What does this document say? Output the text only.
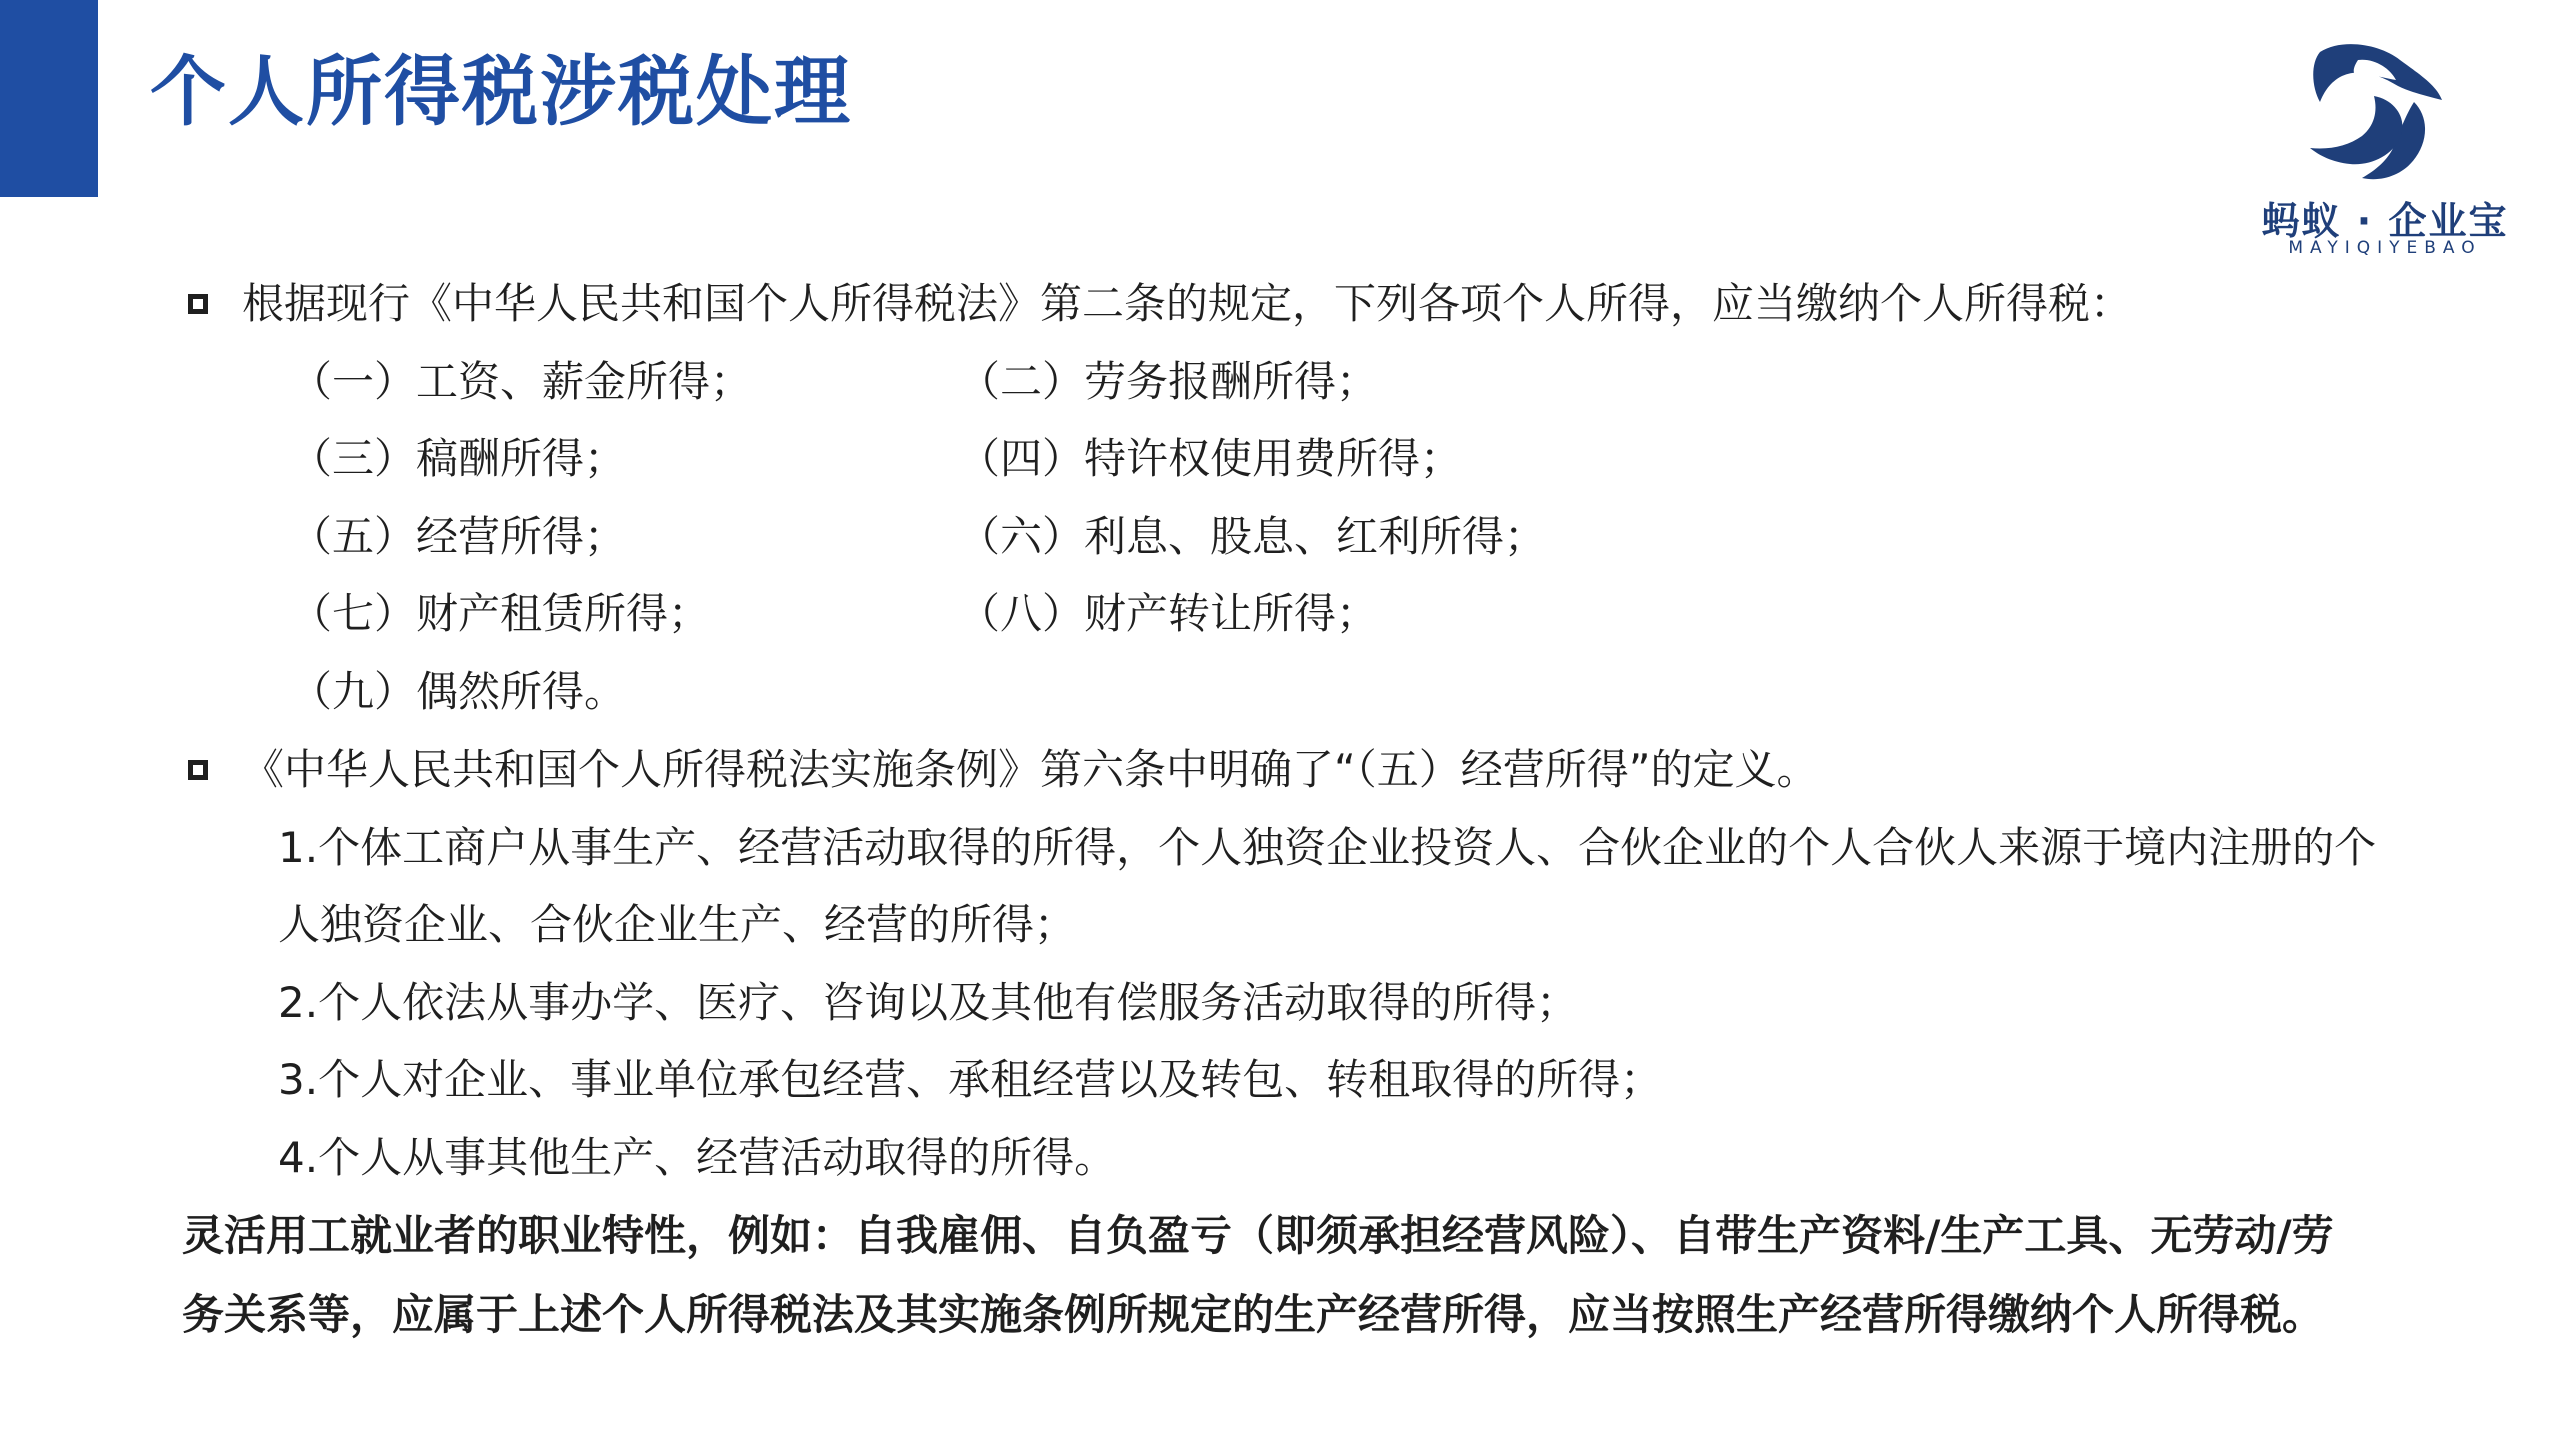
个人所得税涉税处理
蚂蚁 · 企业宝
MAYIQIYEBAO
根据现行《中华人民共和国个人所得税法》第二条的规定，下列各项个人所得，应当缴纳个人所得税：
（一）工资、薪金所得；	（二）劳务报酬所得；
（三）稿酬所得；	（四）特许权使用费所得；
（五）经营所得；	（六）利息、股息、红利所得；
（七）财产租赁所得；	（八）财产转让所得；
（九）偶然所得。
《中华人民共和国个人所得税法实施条例》第六条中明确了“（五）经营所得”的定义。
1.个体工商户从事生产、经营活动取得的所得，个人独资企业投资人、合伙企业的个人合伙人来源于境内注册的个
人独资企业、合伙企业生产、经营的所得；
2.个人依法从事办学、医疗、咨询以及其他有偿服务活动取得的所得；
3.个人对企业、事业单位承包经营、承租经营以及转包、转租取得的所得；
4.个人从事其他生产、经营活动取得的所得。
灵活用工就业者的职业特性，例如：自我雇佣、自负盈亏（即须承担经营风险）、自带生产资料/生产工具、无劳动/劳
务关系等，应属于上述个人所得税法及其实施条例所规定的生产经营所得，应当按照生产经营所得缴纳个人所得税。
